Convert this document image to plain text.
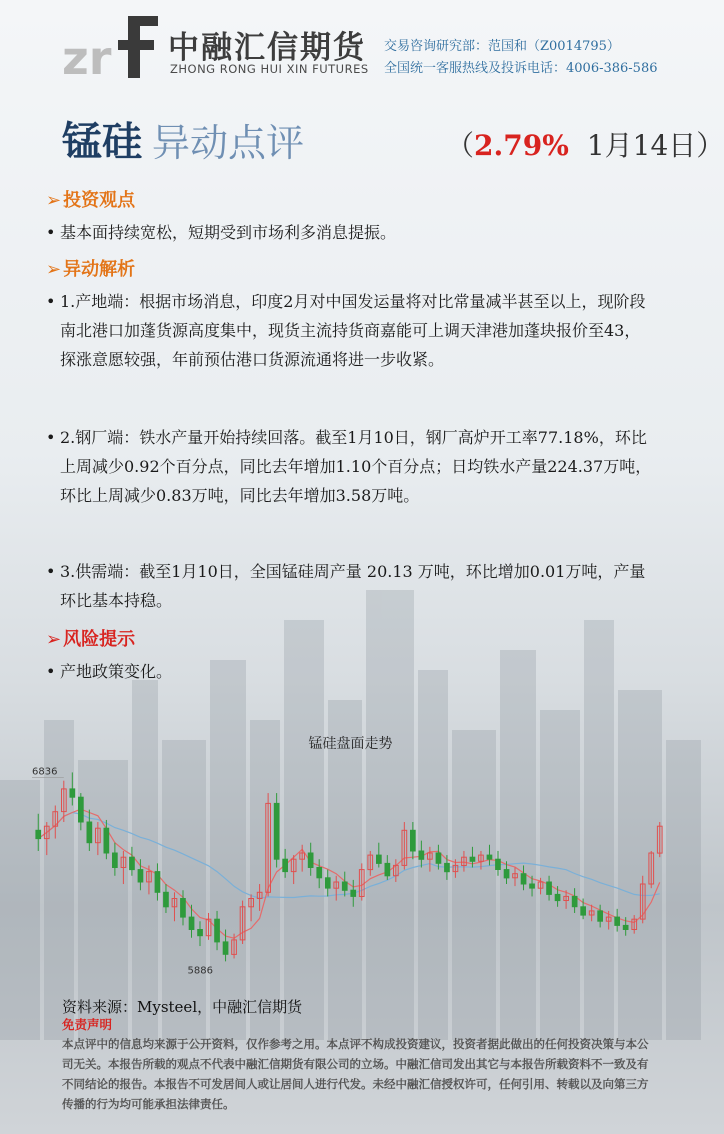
zr 中融汇信期货
ZHONG RONG HUI XIN FUTURES
交易咨询研究部：范国和（Z0014795）
全国统一客服热线及投诉电话：4006-386-586
锰硅 异动点评	（2.79% 1月14日）
➢ 投资观点
• 基本面持续宽松，短期受到市场利多消息提振。
➢ 异动解析
• 1.产地端：根据市场消息，印度2月对中国发运量将对比常量减半甚至以上，现阶段南北港口加蓬货源高度集中，现货主流持货商嘉能可上调天津港加蓬块报价至43，探涨意愿较强，年前预估港口货源流通将进一步收紧。
• 2.钢厂端：铁水产量开始持续回落。截至1月10日，钢厂高炉开工率77.18%，环比上周减少0.92个百分点，同比去年增加1.10个百分点；日均铁水产量224.37万吨，环比上周减少0.83万吨，同比去年增加3.58万吨。
• 3.供需端：截至1月10日，全国锰硅周产量 20.13 万吨，环比增加0.01万吨，产量环比基本持稳。
➢ 风险提示
• 产地政策变化。
锰硅盘面走势
6836
5886
资料来源：Mysteel，中融汇信期货
免责声明
本点评中的信息均来源于公开资料，仅作参考之用。本点评不构成投资建议，投资者据此做出的任何投资决策与本公司无关。本报告所载的观点不代表中融汇信期货有限公司的立场。中融汇信司发出其它与本报告所载资料不一致及有不同结论的报告。本报告不可发居间人或让居间人进行代发。未经中融汇信授权许可，任何引用、转载以及向第三方传播的行为均可能承担法律责任。
